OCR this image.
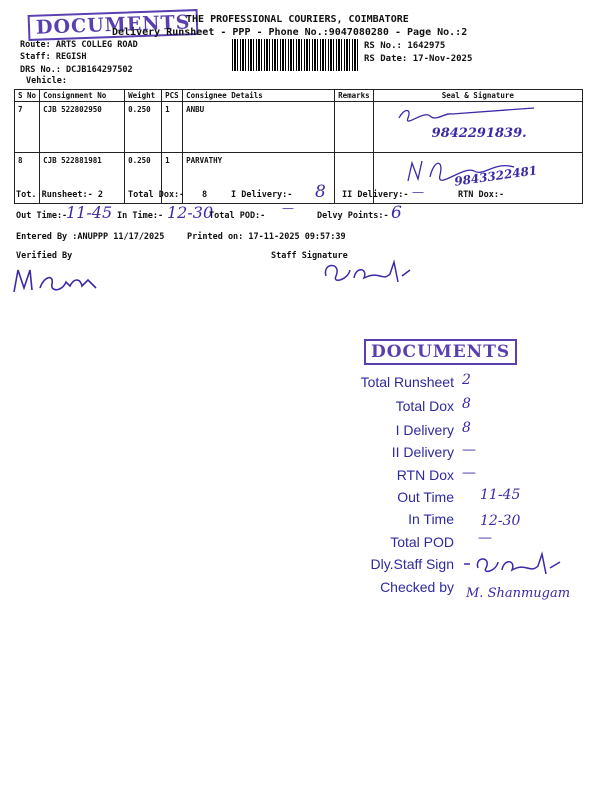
DOCUMENTS
THE PROFESSIONAL COURIERS, COIMBATORE
Delivery Runsheet - PPP - Phone No.:9047080280 - Page No.:2
Route: ARTS COLLEG ROAD
Staff: REGISH
DRS No.: DCJB164297502
Vehicle:
RS No.: 1642975
RS Date: 17-Nov-2025
S No	Consignment No	Weight	PCS	Consignee Details	Remarks	Seal & Signature
7	CJB 522802950	0.250	1	ANBU		9842291839.

8	CJB 522881981	0.250	1	PARVATHY		9843322481
Tot. Runsheet:- 2	Total Dox:- 8	I Delivery:- 8 II Delivery:- —	RTN Dox:-
Out Time:-
11-45 In Time:- 12-30
Total POD:-
—
Delvy Points:- 6
Entered By :ANUPPP 11/17/2025	Printed on: 17-11-2025 09:57:39
Verified By	Staff Signature
DOCUMENTS
Total Runsheet 2
Total Dox 8
I Delivery 8
II Delivery —
RTN Dox —
Out Time 11-45
In Time 12-30
Total POD —
Dly.Staff Sign
Checked by M. Shanmugam
